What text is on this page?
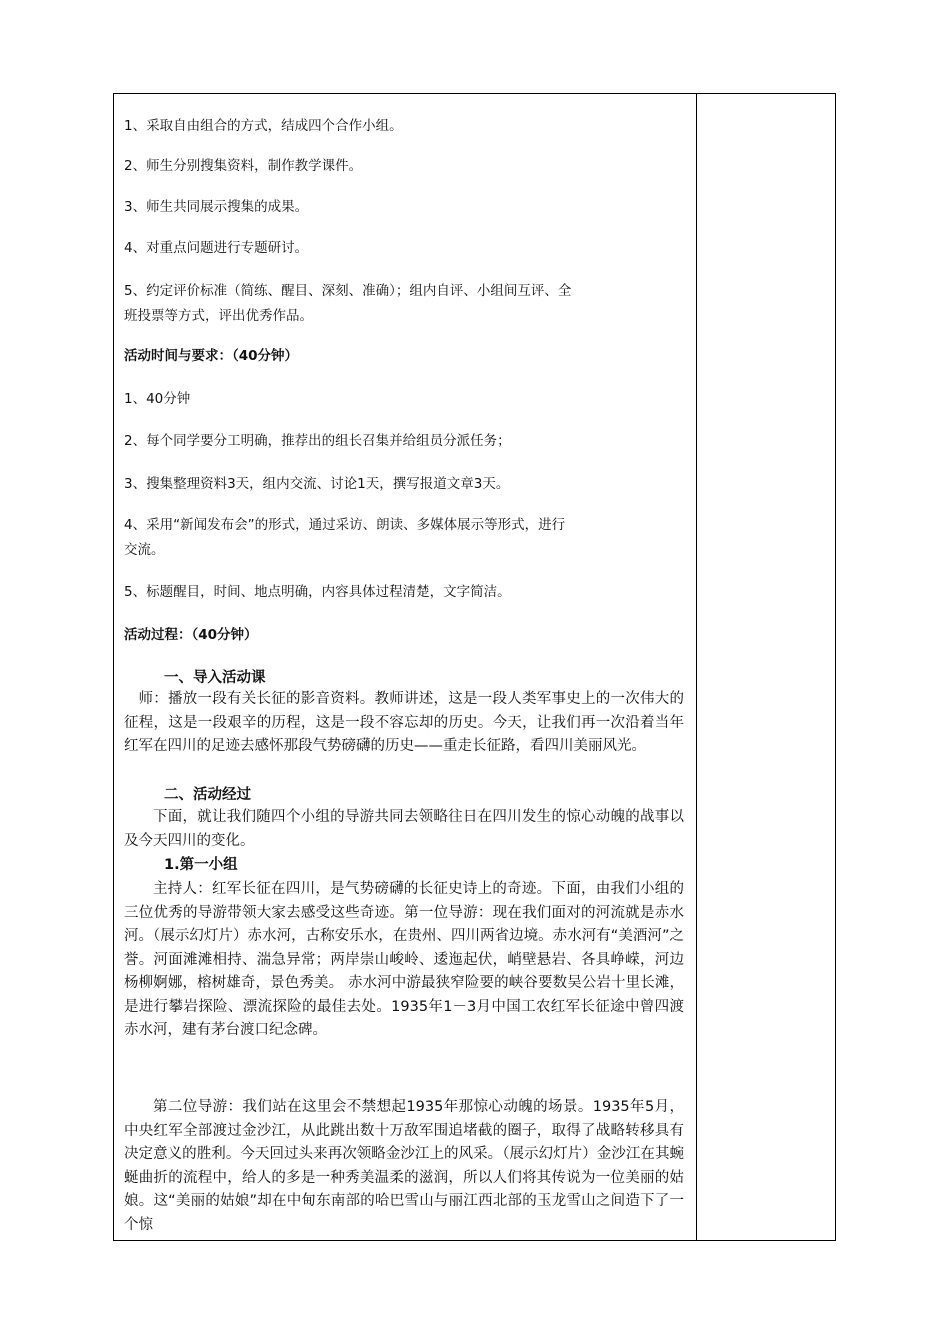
1、采取自由组合的方式，结成四个合作小组。
2、师生分别搜集资料，制作教学课件。
3、师生共同展示搜集的成果。
4、对重点问题进行专题研讨。
5、约定评价标准（简练、醒目、深刻、准确）；组内自评、小组间互评、全
班投票等方式，评出优秀作品。
活动时间与要求：（40分钟）
1、40分钟
2、每个同学要分工明确，推荐出的组长召集并给组员分派任务；
3、搜集整理资料3天，组内交流、讨论1天，撰写报道文章3天。
4、采用“新闻发布会”的形式，通过采访、朗读、多媒体展示等形式，进行
交流。
5、标题醒目，时间、地点明确，内容具体过程清楚，文字简洁。
活动过程：（40分钟）
一、导入活动课
师：播放一段有关长征的影音资料。教师讲述，这是一段人类军事史上的一次伟大的征程，这是一段艰辛的历程，这是一段不容忘却的历史。今天，让我们再一次沿着当年红军在四川的足迹去感怀那段气势磅礴的历史——重走长征路，看四川美丽风光。
二、活动经过
下面，就让我们随四个小组的导游共同去领略往日在四川发生的惊心动魄的战事以及今天四川的变化。
1.第一小组
主持人：红军长征在四川，是气势磅礴的长征史诗上的奇迹。下面，由我们小组的三位优秀的导游带领大家去感受这些奇迹。第一位导游：现在我们面对的河流就是赤水河。（展示幻灯片）赤水河，古称安乐水，在贵州、四川两省边境。赤水河有“美酒河”之誉。河面滩滩相持、湍急异常；两岸崇山峻岭、逶迤起伏，峭壁悬岩、各具峥嵘，河边杨柳婀娜，榕树雄奇，景色秀美。 赤水河中游最狭窄险要的峡谷要数吴公岩十里长滩，是进行攀岩探险、漂流探险的最佳去处。1935年1－3月中国工农红军长征途中曾四渡赤水河，建有茅台渡口纪念碑。
第二位导游：我们站在这里会不禁想起1935年那惊心动魄的场景。1935年5月，中央红军全部渡过金沙江，从此跳出数十万敌军围追堵截的圈子，取得了战略转移具有决定意义的胜利。今天回过头来再次领略金沙江上的风采。（展示幻灯片）金沙江在其蜿蜒曲折的流程中，给人的多是一种秀美温柔的滋润，所以人们将其传说为一位美丽的姑娘。这“美丽的姑娘”却在中甸东南部的哈巴雪山与丽江西北部的玉龙雪山之间造下了一个惊
